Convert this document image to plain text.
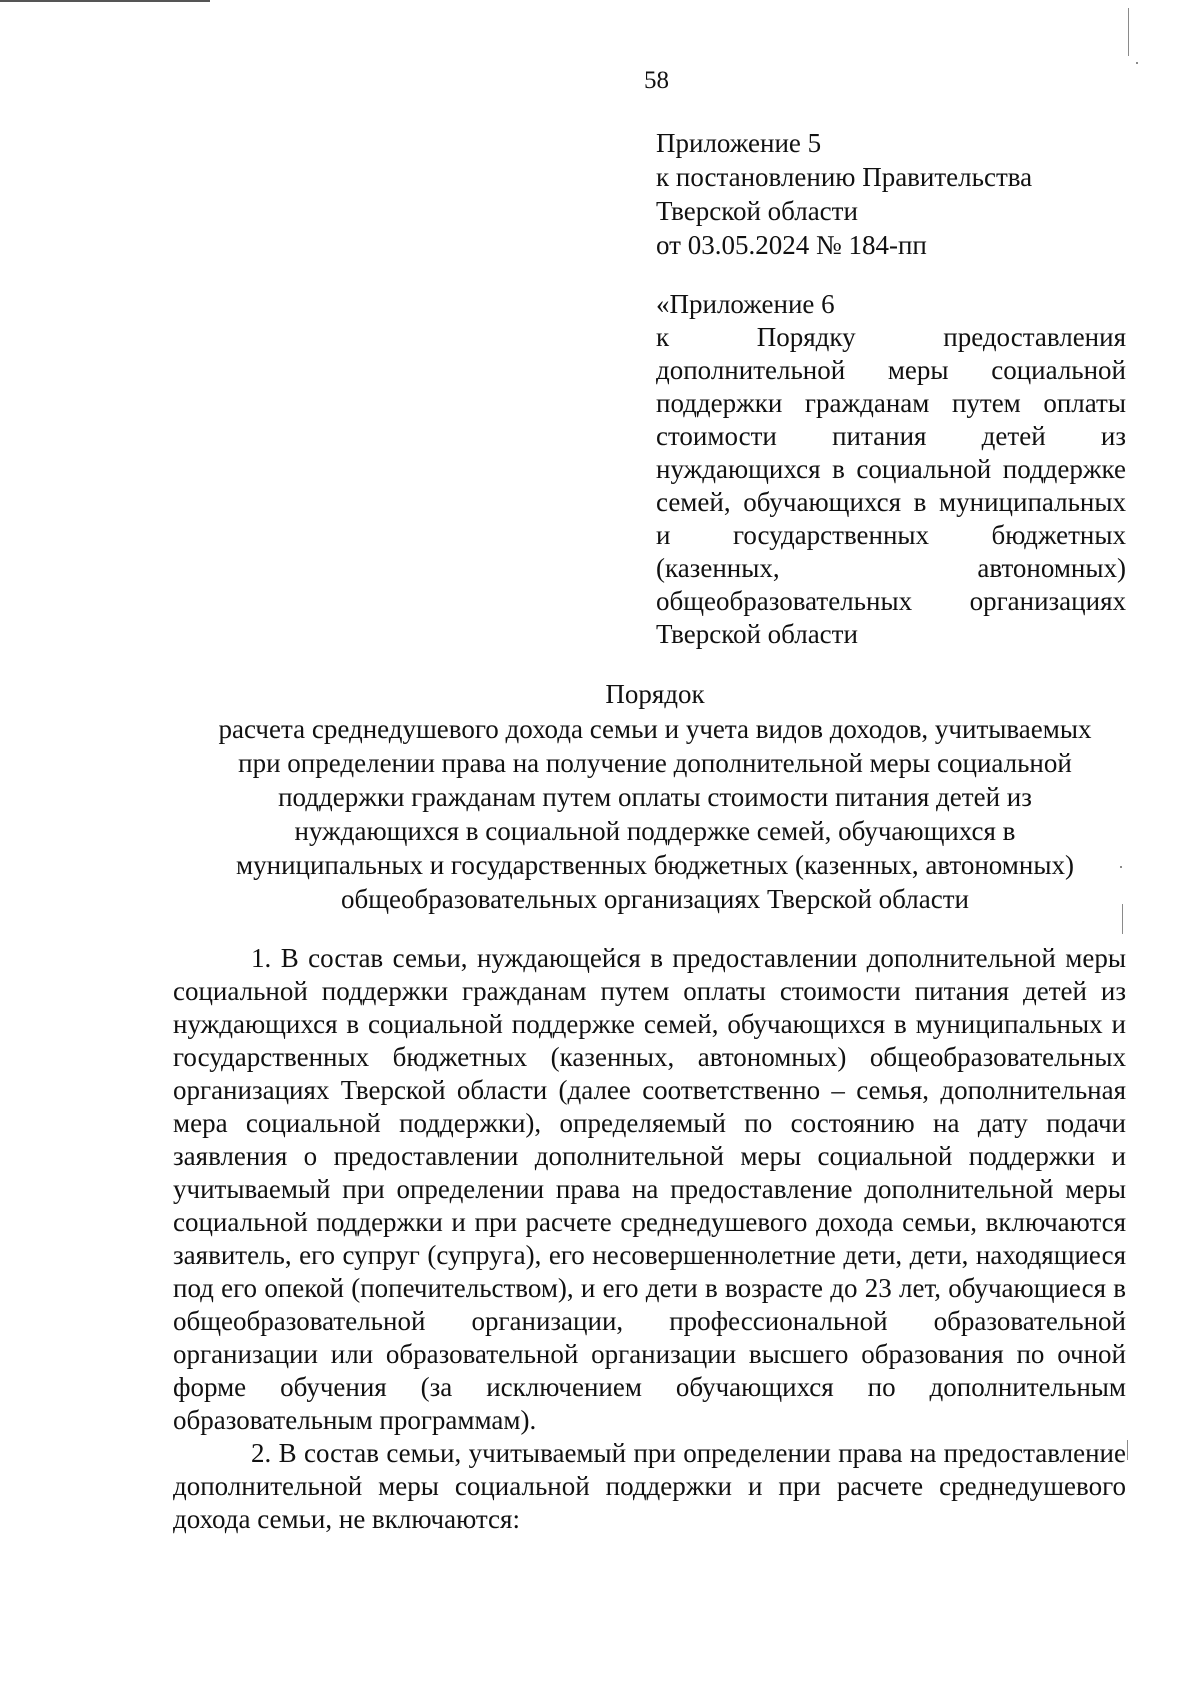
58
Приложение 5
к постановлению Правительства
Тверской области
от 03.05.2024 № 184-пп
«Приложение 6
к Порядку предоставления дополнительной меры социальной поддержки гражданам путем оплаты стоимости питания детей из нуждающихся в социальной поддержке семей, обучающихся в муниципальных и государственных бюджетных (казенных, автономных) общеобразовательных организациях Тверской области
Порядок
расчета среднедушевого дохода семьи и учета видов доходов, учитываемых
при определении права на получение дополнительной меры социальной
поддержки гражданам путем оплаты стоимости питания детей из
нуждающихся в социальной поддержке семей, обучающихся в
муниципальных и государственных бюджетных (казенных, автономных)
общеобразовательных организациях Тверской области

1. В состав семьи, нуждающейся в предоставлении дополнительной меры социальной поддержки гражданам путем оплаты стоимости питания детей из нуждающихся в социальной поддержке семей, обучающихся в муниципальных и государственных бюджетных (казенных, автономных) общеобразовательных организациях Тверской области (далее соответственно – семья, дополнительная мера социальной поддержки), определяемый по состоянию на дату подачи заявления о предоставлении дополнительной меры социальной поддержки и учитываемый при определении права на предоставление дополнительной меры социальной поддержки и при расчете среднедушевого дохода семьи, включаются заявитель, его супруг (супруга), его несовершеннолетние дети, дети, находящиеся под его опекой (попечительством), и его дети в возрасте до 23 лет, обучающиеся в общеобразовательной организации, профессиональной образовательной организации или образовательной организации высшего образования по очной форме обучения (за исключением обучающихся по дополнительным образовательным программам).

2. В состав семьи, учитываемый при определении права на предоставление дополнительной меры социальной поддержки и при расчете среднедушевого дохода семьи, не включаются:
